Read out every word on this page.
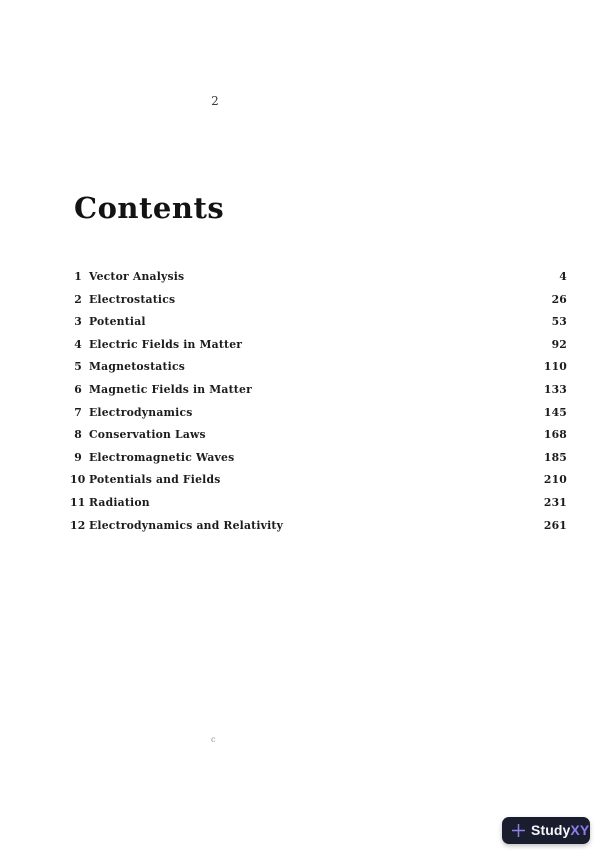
2
Contents
1 Vector Analysis	4
2 Electrostatics	26
3 Potential	53
4 Electric Fields in Matter	92
5 Magnetostatics	110
6 Magnetic Fields in Matter	133
7 Electrodynamics	145
8 Conservation Laws	168
9 Electromagnetic Waves	185
10 Potentials and Fields	210
11 Radiation	231
12 Electrodynamics and Relativity	261
c
StudyXY
